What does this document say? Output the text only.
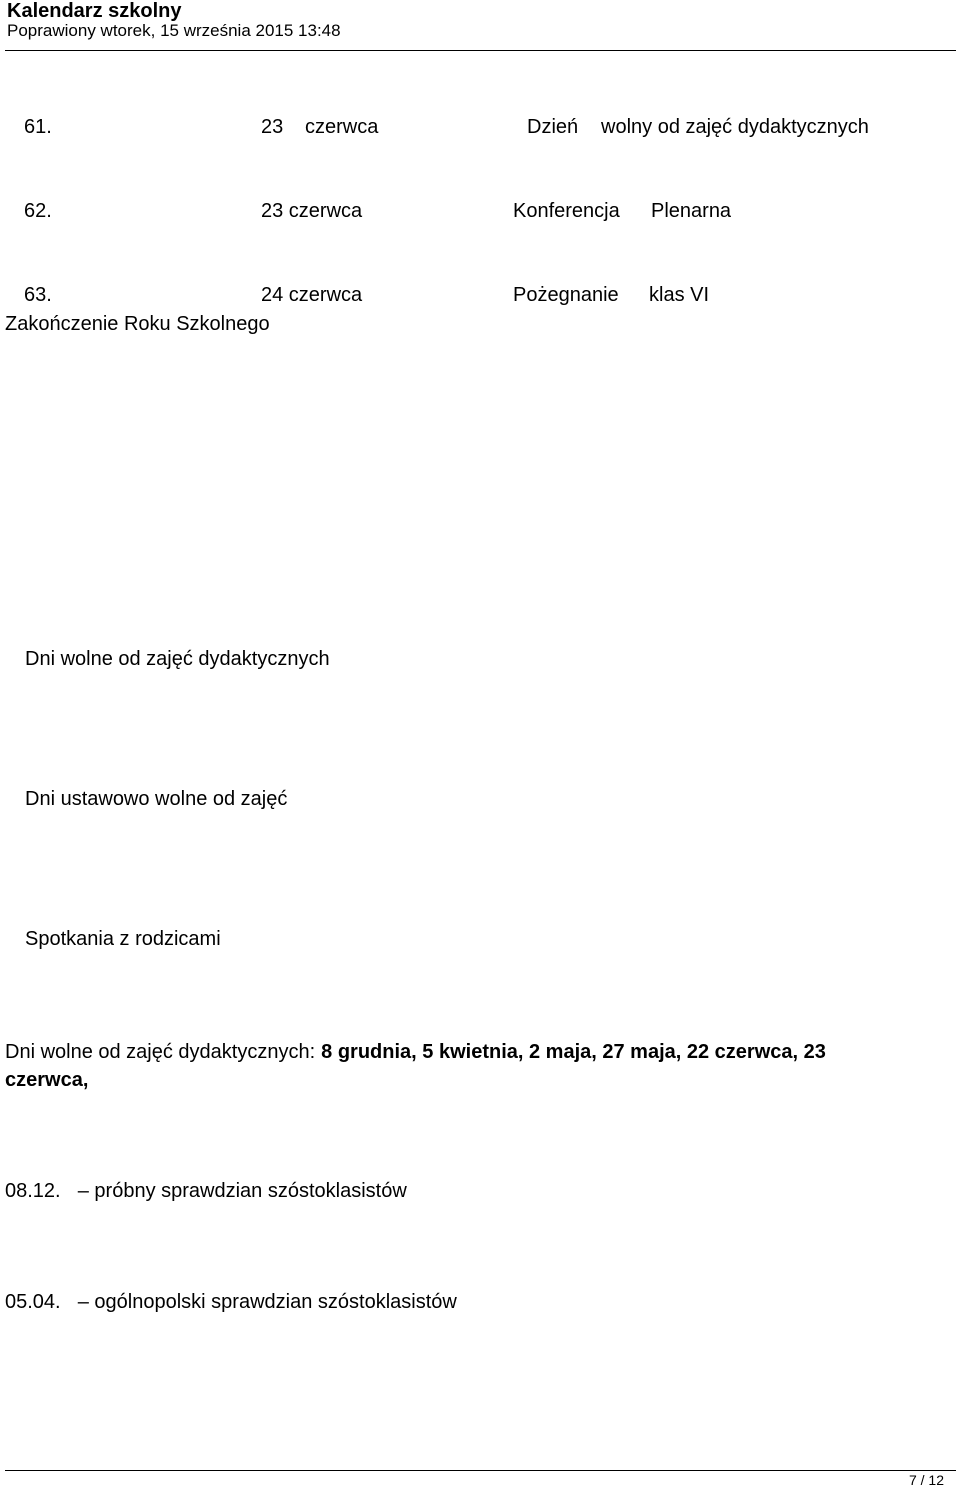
Kalendarz szkolny
Poprawiony wtorek, 15 września 2015 13:48
61.	23 czerwca	Dzień wolny od zajęć dydaktycznych
62.	23 czerwca	Konferencja Plenarna
63.	24 czerwca	Pożegnanie klas VI
Zakończenie Roku Szkolnego
Dni wolne od zajęć dydaktycznych
Dni ustawowo wolne od zajęć
Spotkania z rodzicami
Dni wolne od zajęć dydaktycznych: 8 grudnia, 5 kwietnia, 2 maja, 27 maja, 22 czerwca, 23
czerwca,
08.12. – próbny sprawdzian szóstoklasistów
05.04. – ogólnopolski sprawdzian szóstoklasistów
7 / 12
